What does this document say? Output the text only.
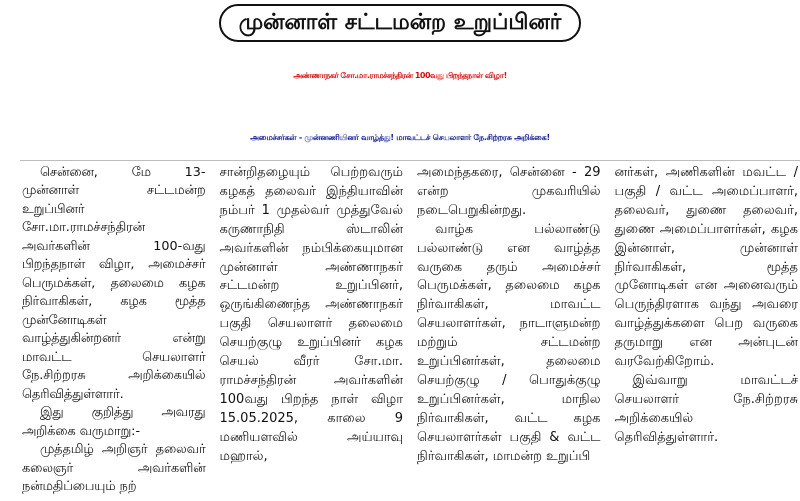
முன்னாள் சட்டமன்ற உறுப்பினர்
அண்ணாநகர் சோ.மா.ராமச்சந்திரன் 100வது பிறந்தநாள் விழா!
அமைச்சர்கள் - முன்னணியினர் வாழ்த்து! மாவட்டச் செயலாளர் நே.சிற்றரசு அறிக்கை!

சென்னை, மே 13- முன்னாள் சட்டமன்ற உறுப்பினர் சோ.மா.ராமச்சந்திரன் அவர்களின் 100-வது பிறந்தநாள் விழா, அமைச்சர் பெருமக்கள், தலைமை கழக நிர்வாகிகள், கழக மூத்த முன்னோடிகள் வாழ்த்துகின்றனர் என்று மாவட்ட செயலாளர் நே.சிற்றரசு அறிக்கையில் தெரிவித்துள்ளார்.

இது குறித்து அவரது அறிக்கை வருமாறு:-

முத்தமிழ் அறிஞர் தலைவர் கலைஞர் அவர்களின் நன்மதிப்பையும் நற்

சான்றிதழையும் பெற்றவரும் கழகத் தலைவர் இந்தியாவின் நம்பர் 1 முதல்வர் முத்துவேல் கருணாநிதி ஸ்டாலின் அவர்களின் நம்பிக்கையுமான முன்னாள் அண்ணாநகர் சட்டமன்ற உறுப்பினர், ஒருங்கிணைந்த அண்ணாநகர் பகுதி செயலாளர் தலைமை செயற்குழு உறுப்பினர் கழக செயல் வீரர் சோ.மா. ராமச்சந்திரன் அவர்களின் 100வது பிறந்த நாள் விழா 15.05.2025, காலை 9 மணியளவில் அய்யாவு மஹால்,

அமைந்தகரை, சென்னை - 29 என்ற முகவரியில் நடைபெறுகின்றது.

வாழ்க பல்லாண்டு பல்லாண்டு என வாழ்த்த வருகை தரும் அமைச்சர் பெருமக்கள், தலைமை கழக நிர்வாகிகள், மாவட்ட செயலாளர்கள், நாடாளுமன்ற மற்றும் சட்டமன்ற உறுப்பினர்கள், தலைமை செயற்குழு / பொதுக்குழு உறுப்பினர்கள், மாநில நிர்வாகிகள், வட்ட கழக செயலாளர்கள் பகுதி & வட்ட நிர்வாகிகள், மாமன்ற உறுப்பி

னர்கள், அணிகளின் மவட்ட / பகுதி / வட்ட அமைப்பாளர், தலைவர், துணை தலைவர், துணை அமைப்பாளர்கள், கழக இன்னாள், முன்னாள் நிர்வாகிகள், மூத்த முனோடிகள் என அனைவரும் பெருந்திரளாக வந்து அவரை வாழ்த்துக்களை பெற வருகை தருமாறு என அன்புடன் வரவேற்கிறோம்.

இவ்வாறு மாவட்டச் செயலாளர் நே.சிற்றரசு அறிக்கையில் தெரிவித்துள்ளார்.
